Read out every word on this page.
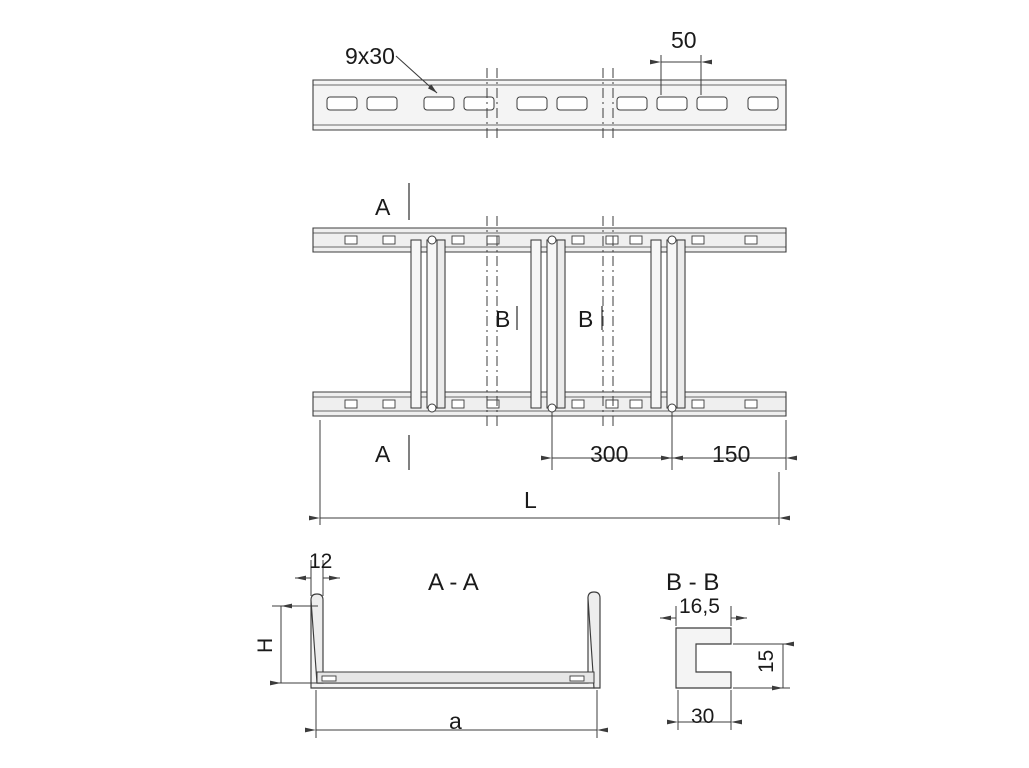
9x30
50
A
A
B	B
300	150
L
12
H
A - A
a
B - B
16,5
15
30
